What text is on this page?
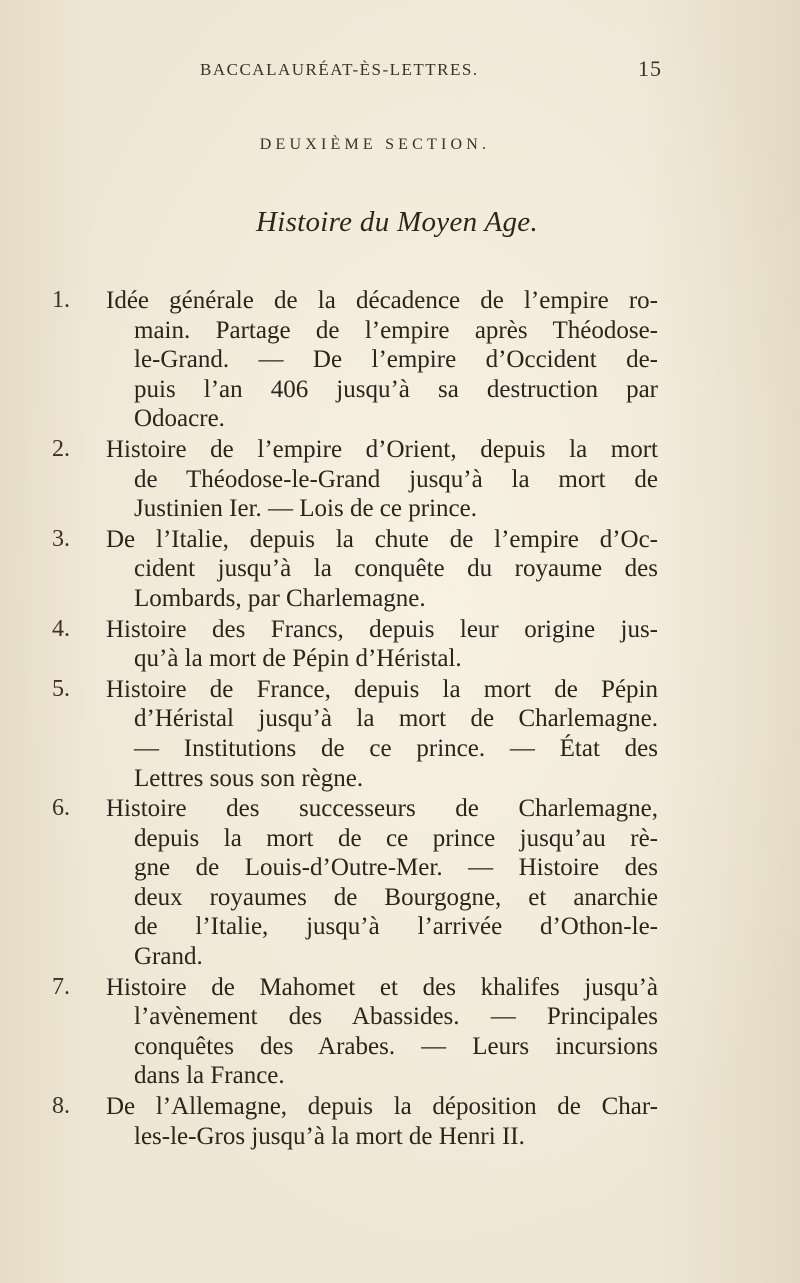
BACCALAURÉAT-ÈS-LETTRES.	15
DEUXIÈME SECTION.
Histoire du Moyen Age.
1. Idée générale de la décadence de l’empire ro-
main. Partage de l’empire après Théodose-
le-Grand. — De l’empire d’Occident de-
puis l’an 406 jusqu’à sa destruction par
Odoacre.
2. Histoire de l’empire d’Orient, depuis la mort
de Théodose-le-Grand jusqu’à la mort de
Justinien Ier. — Lois de ce prince.
3. De l’Italie, depuis la chute de l’empire d’Oc-
cident jusqu’à la conquête du royaume des
Lombards, par Charlemagne.
4. Histoire des Francs, depuis leur origine jus-
qu’à la mort de Pépin d’Héristal.
5. Histoire de France, depuis la mort de Pépin
d’Héristal jusqu’à la mort de Charlemagne.
— Institutions de ce prince. — État des
Lettres sous son règne.
6. Histoire des successeurs de Charlemagne,
depuis la mort de ce prince jusqu’au rè-
gne de Louis-d’Outre-Mer. — Histoire des
deux royaumes de Bourgogne, et anarchie
de l’Italie, jusqu’à l’arrivée d’Othon-le-
Grand.
7. Histoire de Mahomet et des khalifes jusqu’à
l’avènement des Abassides. — Principales
conquêtes des Arabes. — Leurs incursions
dans la France.
8. De l’Allemagne, depuis la déposition de Char-
les-le-Gros jusqu’à la mort de Henri II.
